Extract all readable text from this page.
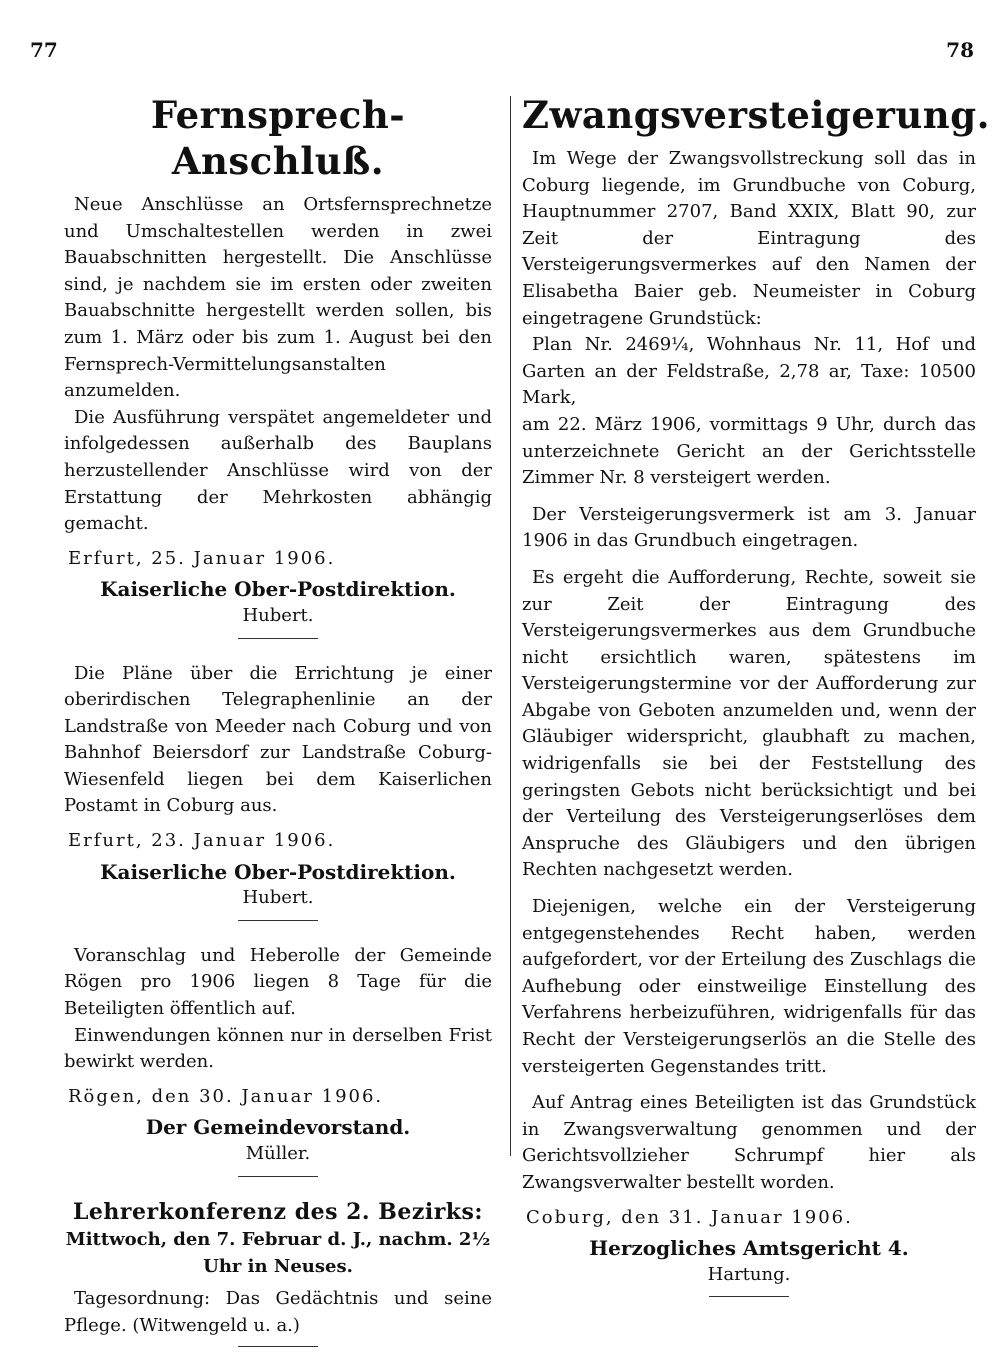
77	78
Fernsprech-Anschluß.

Neue Anschlüsse an Ortsfernsprechnetze und Umschaltestellen werden in zwei Bauabschnitten hergestellt. Die Anschlüsse sind, je nachdem sie im ersten oder zweiten Bauabschnitte hergestellt werden sollen, bis zum 1. März oder bis zum 1. August bei den Fernsprech-Vermittelungsanstalten anzumelden.

Die Ausführung verspätet angemeldeter und infolgedessen außerhalb des Bauplans herzustellender Anschlüsse wird von der Erstattung der Mehrkosten abhängig gemacht.

Erfurt, 25. Januar 1906.
Kaiserliche Ober-Postdirektion.
Hubert.

Die Pläne über die Errichtung je einer oberirdischen Telegraphenlinie an der Landstraße von Meeder nach Coburg und von Bahnhof Beiersdorf zur Landstraße Coburg-Wiesenfeld liegen bei dem Kaiserlichen Postamt in Coburg aus.

Erfurt, 23. Januar 1906.
Kaiserliche Ober-Postdirektion.
Hubert.

Voranschlag und Heberolle der Gemeinde Rögen pro 1906 liegen 8 Tage für die Beteiligten öffentlich auf.

Einwendungen können nur in derselben Frist bewirkt werden.

Rögen, den 30. Januar 1906.
Der Gemeindevorstand.
Müller.
Lehrerkonferenz des 2. Bezirks:
Mittwoch, den 7. Februar d. J., nachm. 2½ Uhr in Neuses.

Tagesordnung: Das Gedächtnis und seine Pflege. (Witwengeld u. a.)

Zwangsversteigerung.

Im Wege der Zwangsvollstreckung soll das in Coburg liegende, im Grundbuche von Coburg, Hauptnummer 2707, Band XXIX, Blatt 90, zur Zeit der Eintragung des Versteigerungsvermerkes auf den Namen der Elisabetha Baier geb. Neumeister in Coburg eingetragene Grundstück:

Plan Nr. 2469¼, Wohnhaus Nr. 11, Hof und Garten an der Feldstraße, 2,78 ar, Taxe: 10500 Mark,

am 22. März 1906, vormittags 9 Uhr, durch das unterzeichnete Gericht an der Gerichtsstelle Zimmer Nr. 8 versteigert werden.

Der Versteigerungsvermerk ist am 3. Januar 1906 in das Grundbuch eingetragen.

Es ergeht die Aufforderung, Rechte, soweit sie zur Zeit der Eintragung des Versteigerungsvermerkes aus dem Grundbuche nicht ersichtlich waren, spätestens im Versteigerungstermine vor der Aufforderung zur Abgabe von Geboten anzumelden und, wenn der Gläubiger widerspricht, glaubhaft zu machen, widrigenfalls sie bei der Feststellung des geringsten Gebots nicht berücksichtigt und bei der Verteilung des Versteigerungserlöses dem Anspruche des Gläubigers und den übrigen Rechten nachgesetzt werden.

Diejenigen, welche ein der Versteigerung entgegenstehendes Recht haben, werden aufgefordert, vor der Erteilung des Zuschlags die Aufhebung oder einstweilige Einstellung des Verfahrens herbeizuführen, widrigenfalls für das Recht der Versteigerungserlös an die Stelle des versteigerten Gegenstandes tritt.

Auf Antrag eines Beteiligten ist das Grundstück in Zwangsverwaltung genommen und der Gerichtsvollzieher Schrumpf hier als Zwangsverwalter bestellt worden.

Coburg, den 31. Januar 1906.
Herzogliches Amtsgericht 4.
Hartung.
